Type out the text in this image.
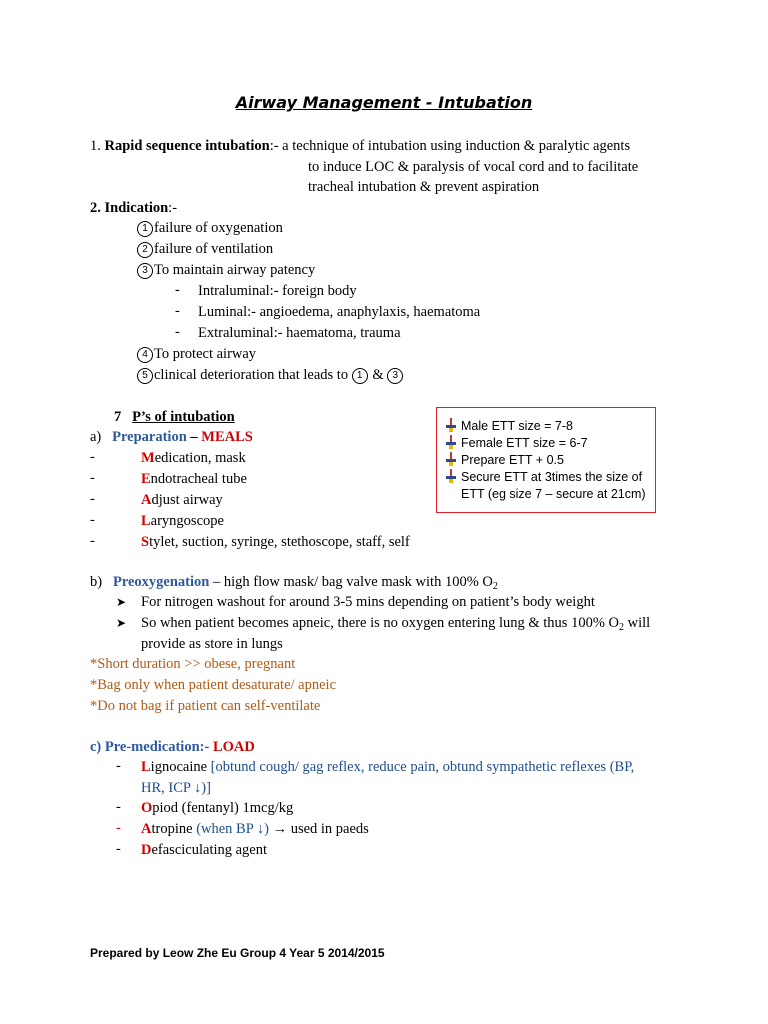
Airway Management - Intubation
1. Rapid sequence intubation:- a technique of intubation using induction & paralytic agents
to induce LOC & paralysis of vocal cord and to facilitate
tracheal intubation & prevent aspiration
2. Indication:-
1 failure of oxygenation
2 failure of ventilation
3 To maintain airway patency
- Intraluminal:- foreign body
- Luminal:- angioedema, anaphylaxis, haematoma
- Extraluminal:- haematoma, trauma
4 To protect airway
5 clinical deterioration that leads to 1 & 3
7 P’s of intubation
a) Preparation – MEALS
-	Medication, mask
-	Endotracheal tube
-	Adjust airway
-	Laryngoscope
-	Stylet, suction, syringe, stethoscope, staff, self
Male ETT size = 7-8
Female ETT size = 6-7
Prepare ETT + 0.5
Secure ETT at 3times the size of
ETT (eg size 7 – secure at 21cm)
b) Preoxygenation – high flow mask/ bag valve mask with 100% $O_2$
➤ For nitrogen washout for around 3-5 mins depending on patient’s body weight
➤ So when patient becomes apneic, there is no oxygen entering lung & thus 100% $O_2$ will
provide as store in lungs
*Short duration >> obese, pregnant
*Bag only when patient desaturate/ apneic
*Do not bag if patient can self-ventilate
c) Pre-medication:- LOAD
- Lignocaine [obtund cough/ gag reflex, reduce pain, obtund sympathetic reflexes (BP,
HR, ICP ↓)]
- Opiod (fentanyl) 1mcg/kg
- Atropine (when BP ↓) → used in paeds
- Defasciculating agent
Prepared by Leow Zhe Eu Group 4 Year 5 2014/2015
